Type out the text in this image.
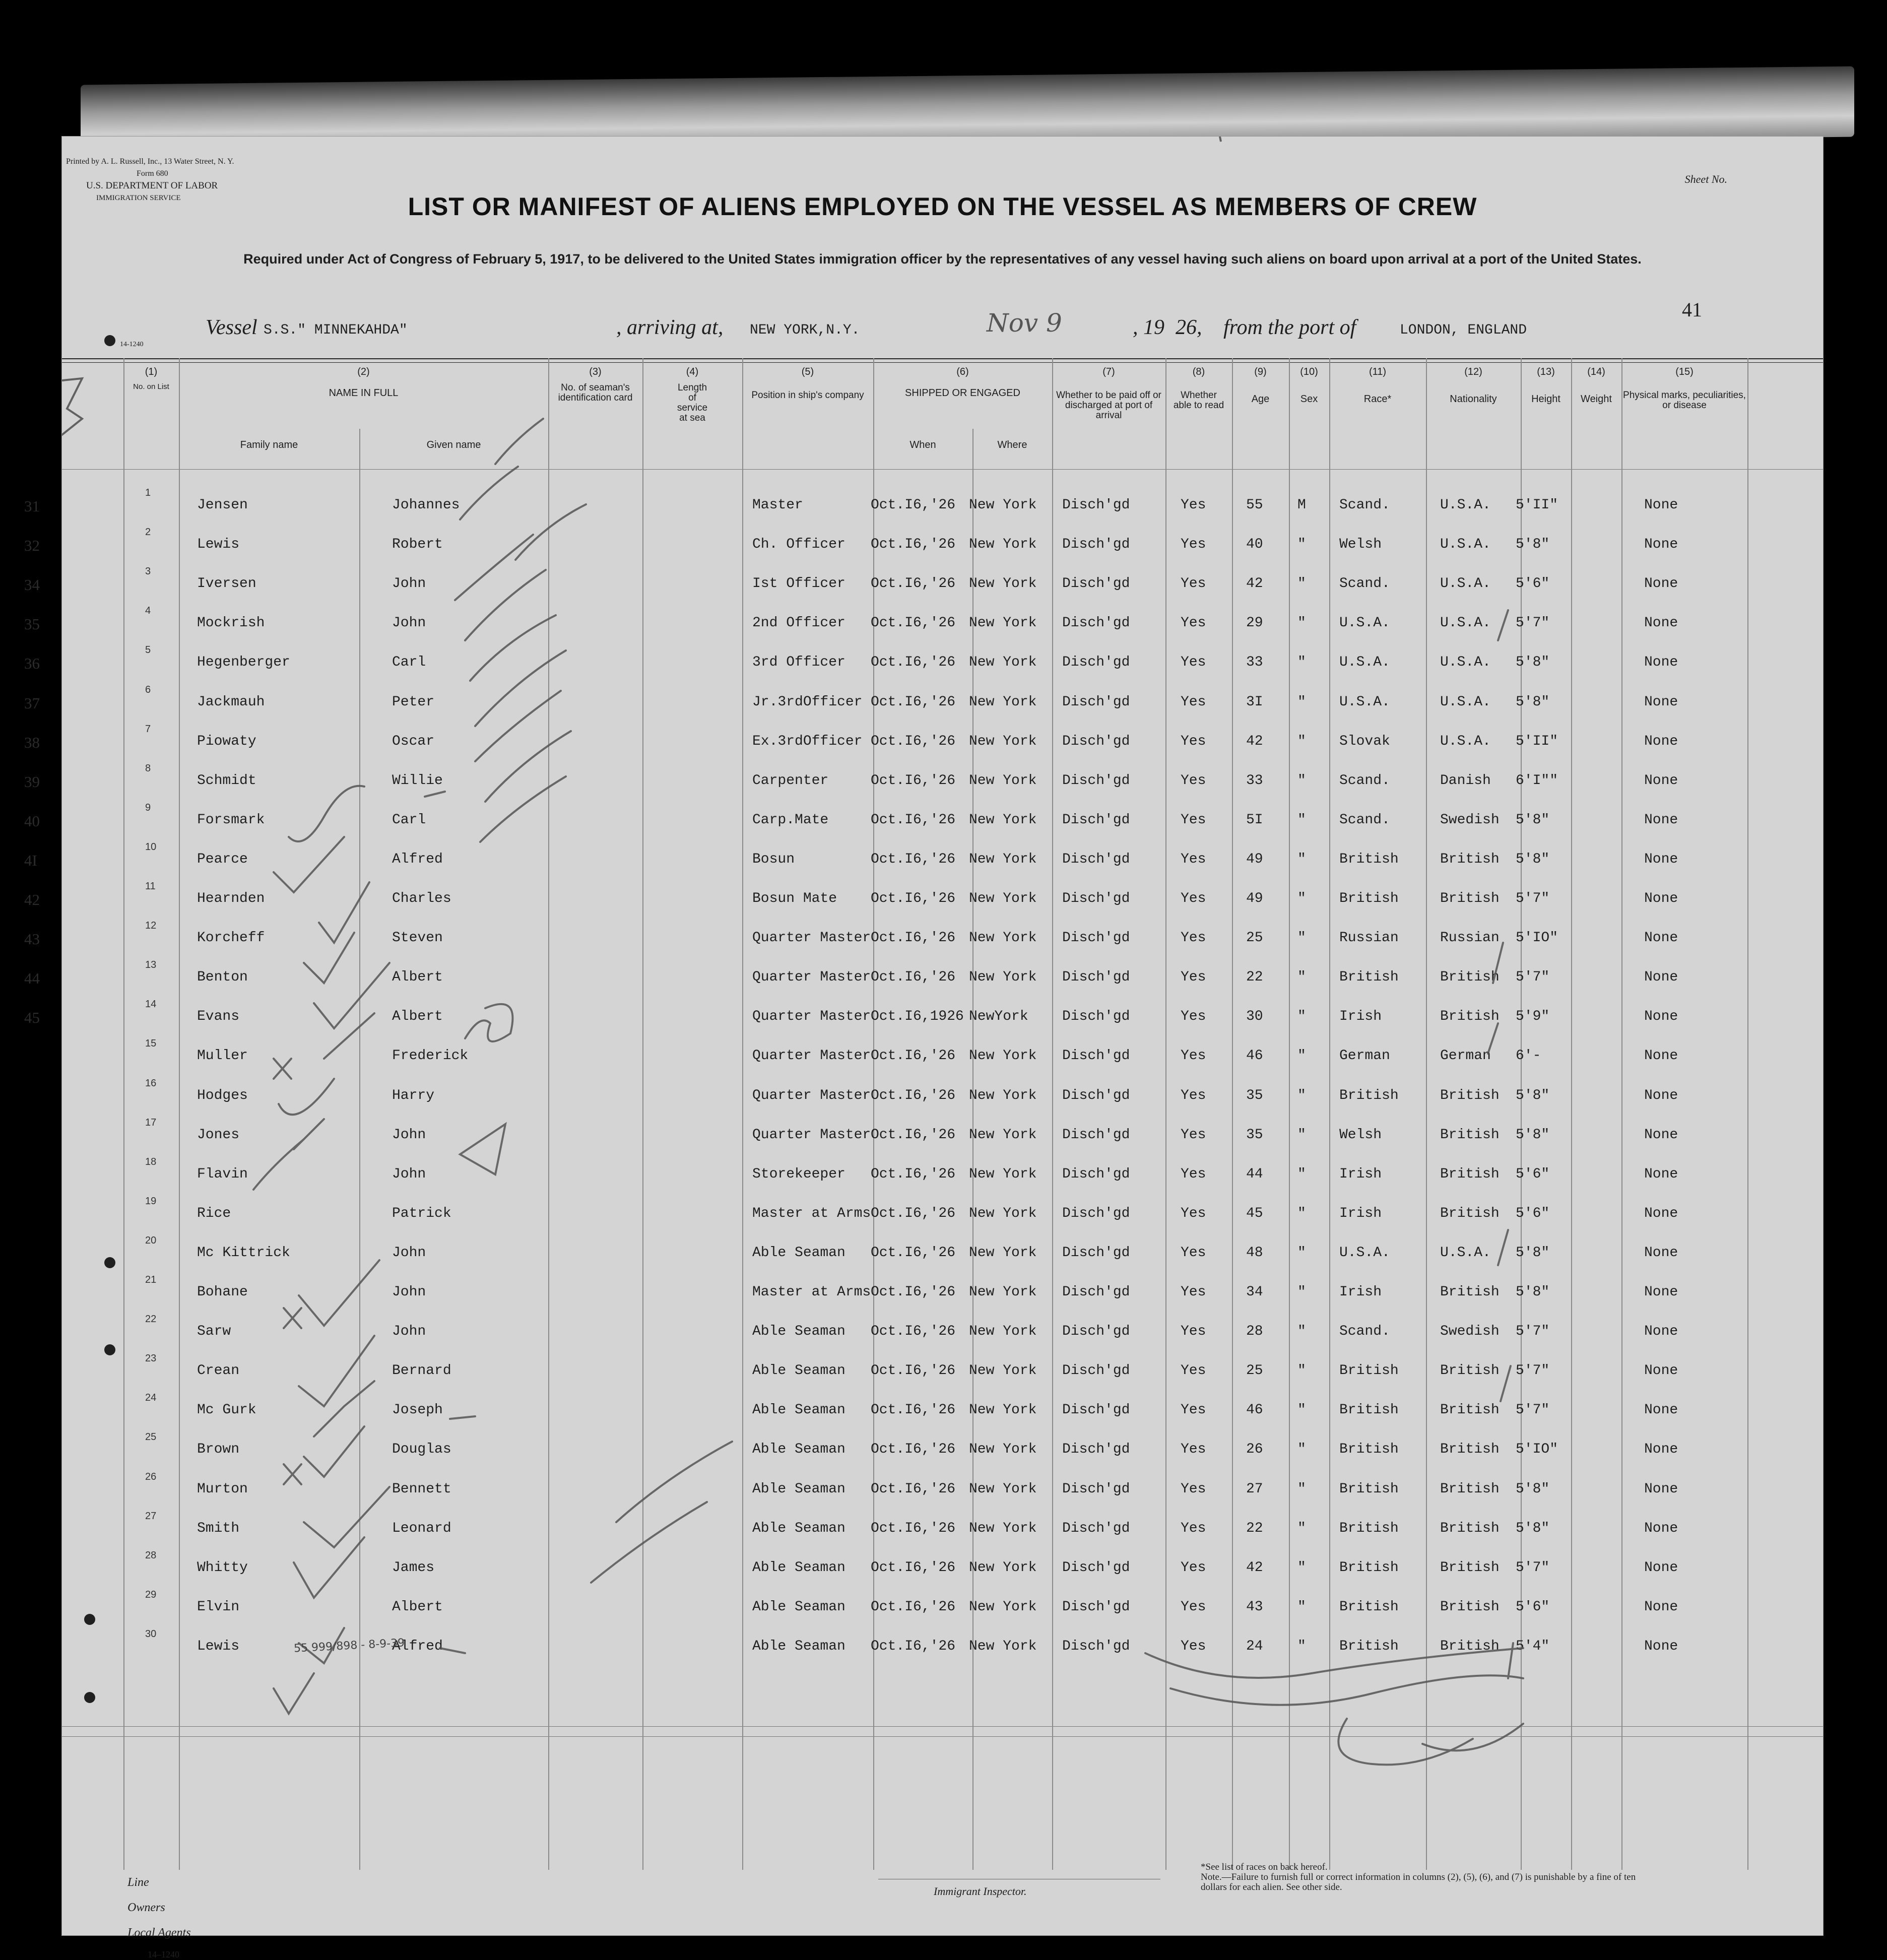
Printed by A. L. Russell, Inc., 13 Water Street, N. Y.
Form 680
U.S. DEPARTMENT OF LABOR
IMMIGRATION SERVICE
Sheet No.
LIST OR MANIFEST OF ALIENS EMPLOYED ON THE VESSEL AS MEMBERS OF CREW
Required under Act of Congress of February 5, 1917, to be delivered to the United States immigration officer by the representatives of any vessel having such aliens on board upon arrival at a port of the United States.
41
Vessel S.S." MINNEKAHDA"	, arriving at, NEW YORK,N.Y.	Nov 9	, 19 26, from the port of	LONDON, ENGLAND
14-1240
(1)
No. on List
(2)
NAME IN FULL
Family name	Given name
(3)
No. of seaman's identification card
(4)
Length of service at sea
(5)
Position in ship's company
(6)
SHIPPED OR ENGAGED
When	Where
(7)
Whether to be paid off or discharged at port of arrival
(8)
Whether able to read
(9)
Age
(10)
Sex
(11)
Race*
(12)
Nationality
(13)
Height
(14)
Weight
(15)
Physical marks, peculiarities, or disease
31
1
Jensen	Johannes	Master	Oct.I6,'26 New York Disch'gd	Yes	55 M Scand.	U.S.A. 5'II"	None
32
2
Lewis	Robert	Ch. Officer Oct.I6,'26 New York Disch'gd	Yes	40 " Welsh	U.S.A. 5'8"	None
34
3
Iversen	John	Ist Officer Oct.I6,'26 New York Disch'gd	Yes	42 " Scand.	U.S.A. 5'6"	None
35
4
Mockrish	John	2nd Officer Oct.I6,'26 New York Disch'gd	Yes	29 " U.S.A.	U.S.A. 5'7"	None
36
5
Hegenberger	Carl	3rd Officer Oct.I6,'26 New York Disch'gd	Yes	33 " U.S.A.	U.S.A. 5'8"	None
37
6
Jackmauh	Peter	Jr.3rdOfficer Oct.I6,'26 New York Disch'gd	Yes	3I " U.S.A.	U.S.A. 5'8"	None
38
7
Piowaty	Oscar	Ex.3rdOfficer Oct.I6,'26 New York Disch'gd	Yes	42 " Slovak	U.S.A. 5'II"	None
39
8
Schmidt	Willie	Carpenter	Oct.I6,'26 New York Disch'gd	Yes	33 " Scand.	Danish 6'I""	None
40
9
Forsmark	Carl	Carp.Mate	Oct.I6,'26 New York Disch'gd	Yes	5I " Scand.	Swedish 5'8"	None
4I
10
Pearce	Alfred	Bosun	Oct.I6,'26 New York Disch'gd	Yes	49 " British	British 5'8"	None
42
11
Hearnden	Charles	Bosun Mate Oct.I6,'26 New York Disch'gd	Yes	49 " British	British 5'7"	None
43
12
Korcheff	Steven	Quarter Master Oct.I6,'26 New York Disch'gd	Yes	25 " Russian	Russian 5'IO"	None
44
13
Benton	Albert	Quarter Master Oct.I6,'26 New York Disch'gd	Yes	22 " British	British 5'7"	None
45
14
Evans	Albert	Quarter Master Oct.I6,1926 NewYork Disch'gd	Yes	30 " Irish	British 5'9"	None
15
Muller	Frederick	Quarter Master Oct.I6,'26 New York Disch'gd	Yes	46 " German	German 6'-	None
16
Hodges	Harry	Quarter Master Oct.I6,'26 New York Disch'gd	Yes	35 " British	British 5'8"	None
17
Jones	John	Quarter Master Oct.I6,'26 New York Disch'gd	Yes	35 " Welsh	British 5'8"	None
18
Flavin	John	Storekeeper Oct.I6,'26 New York Disch'gd	Yes	44 " Irish	British 5'6"	None
19
Rice	Patrick	Master at Arms Oct.I6,'26 New York Disch'gd	Yes	45 " Irish	British 5'6"	None
20
Mc Kittrick	John	Able Seaman Oct.I6,'26 New York Disch'gd	Yes	48 " U.S.A.	U.S.A. 5'8"	None
21
Bohane	John	Master at Arms Oct.I6,'26 New York Disch'gd	Yes	34 " Irish	British 5'8"	None
22
Sarw	John	Able Seaman Oct.I6,'26 New York Disch'gd	Yes	28 " Scand.	Swedish 5'7"	None
23
Crean	Bernard	Able Seaman Oct.I6,'26 New York Disch'gd	Yes	25 " British	British 5'7"	None
24
Mc Gurk	Joseph	Able Seaman Oct.I6,'26 New York Disch'gd	Yes	46 " British	British 5'7"	None
25
Brown	Douglas	Able Seaman Oct.I6,'26 New York Disch'gd	Yes	26 " British	British 5'IO"	None
26
Murton	Bennett	Able Seaman Oct.I6,'26 New York Disch'gd	Yes	27 " British	British 5'8"	None
27
Smith	Leonard	Able Seaman Oct.I6,'26 New York Disch'gd	Yes	22 " British	British 5'8"	None
28
Whitty	James	Able Seaman Oct.I6,'26 New York Disch'gd	Yes	42 " British	British 5'7"	None
29
Elvin	Albert	Able Seaman Oct.I6,'26 New York Disch'gd	Yes	43 " British	British 5'6"	None
30
Lewis	Alfred	Able Seaman Oct.I6,'26 New York Disch'gd	Yes	24 " British	British 5'4"	None
55 999/898 - 8-9-39
Line
Owners
Local Agents
Immigrant Inspector.
*See list of races on back hereof.
Note.—Failure to furnish full or correct information in columns (2), (5), (6), and (7) is punishable by a fine of ten dollars for each alien. See other side.
14–1240
